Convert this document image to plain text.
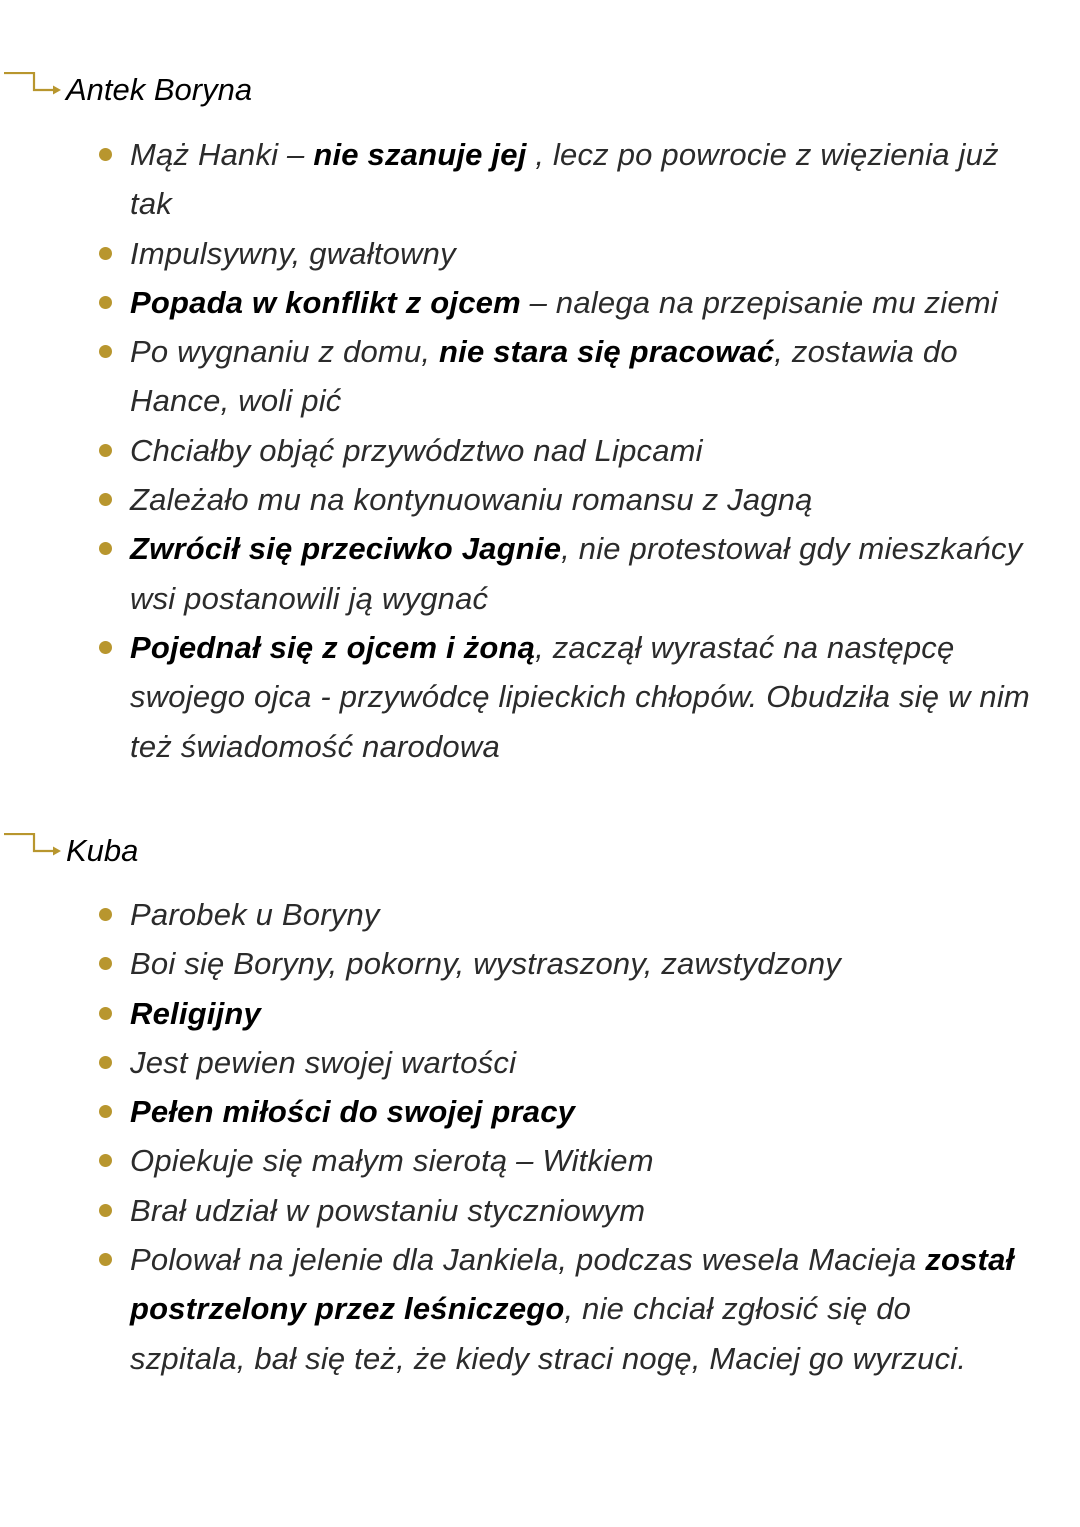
Antek Boryna
Mąż Hanki – nie szanuje jej , lecz po powrocie z więzienia już tak
Impulsywny, gwałtowny
Popada w konflikt z ojcem – nalega na przepisanie mu ziemi
Po wygnaniu z domu, nie stara się pracować, zostawia do Hance, woli pić
Chciałby objąć przywództwo nad Lipcami
Zależało mu na kontynuowaniu romansu z Jagną
Zwrócił się przeciwko Jagnie, nie protestował gdy mieszkańcy wsi postanowili ją wygnać
Pojednał się z ojcem i żoną, zaczął wyrastać na następcę swojego ojca - przywódcę lipieckich chłopów. Obudziła się w nim też świadomość narodowa
Kuba
Parobek u Boryny
Boi się Boryny, pokorny, wystraszony, zawstydzony
Religijny
Jest pewien swojej wartości
Pełen miłości do swojej pracy
Opiekuje się małym sierotą – Witkiem
Brał udział w powstaniu styczniowym
Polował na jelenie dla Jankiela, podczas wesela Macieja został postrzelony przez leśniczego, nie chciał zgłosić się do szpitala, bał się też, że kiedy straci nogę, Maciej go wyrzuci.
